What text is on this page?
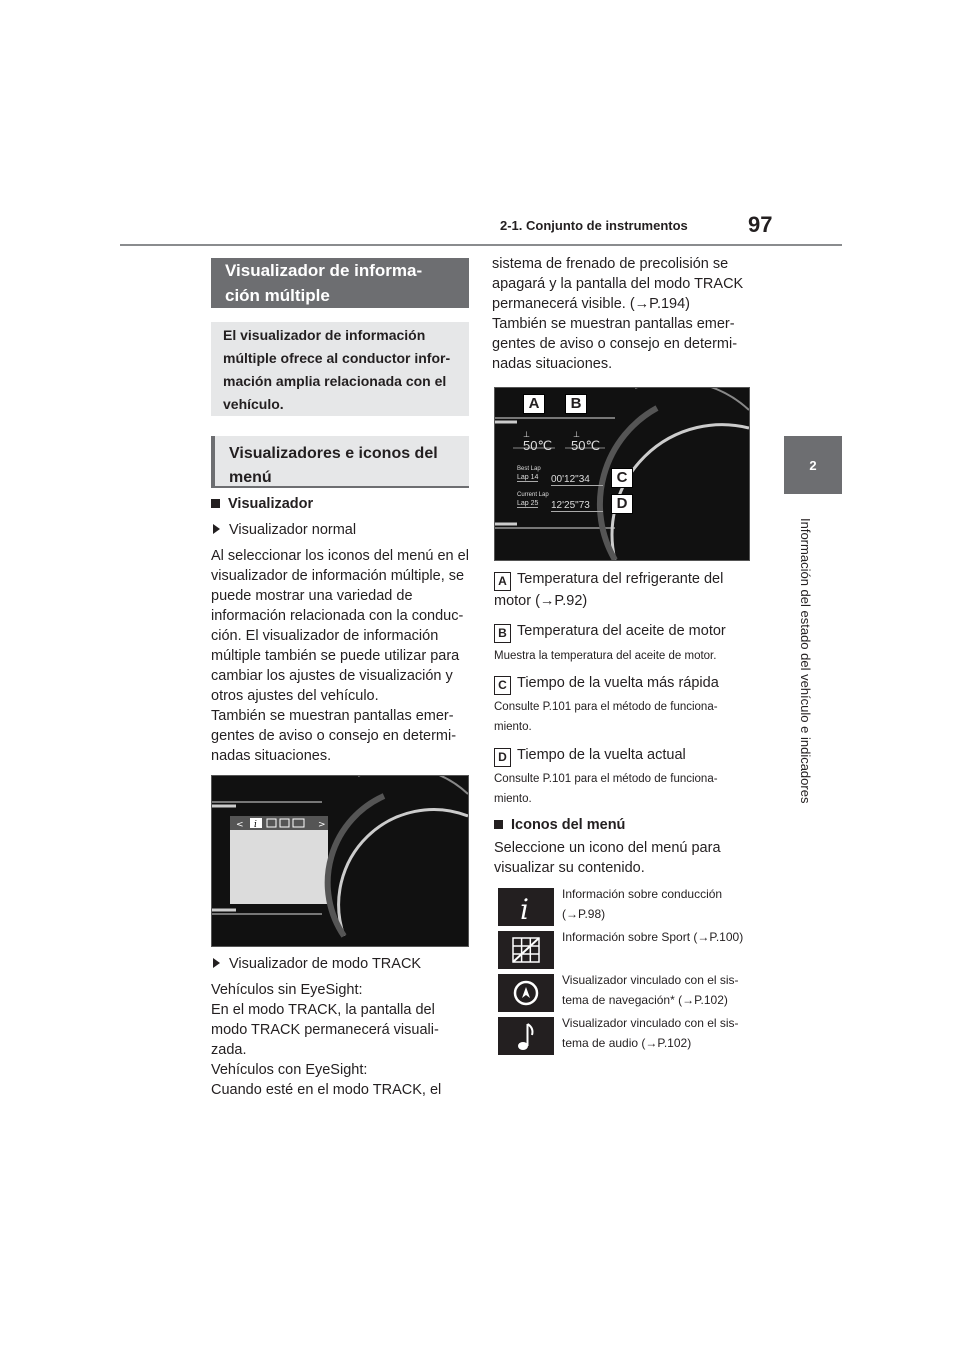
2-1. Conjunto de instrumentos	97
2
Información del estado del vehículo e indicadores
Visualizador de informa-
ción múltiple
El visualizador de información múltiple ofrece al conductor infor-mación amplia relacionada con el vehículo.
Visualizadores e iconos del menú
Visualizador
Visualizador normal
Al seleccionar los iconos del menú en el visualizador de información múltiple, se puede mostrar una variedad de información relacionada con la conduc-ción. El visualizador de información múltiple también se puede utilizar para cambiar los ajustes de visualización y otros ajustes del vehículo.
También se muestran pantallas emer-gentes de aviso o consejo en determi-nadas situaciones.
< i	>
Visualizador de modo TRACK
Vehículos sin EyeSight:
En el modo TRACK, la pantalla del modo TRACK permanecerá visuali-zada.
Vehículos con EyeSight:
Cuando esté en el modo TRACK, el
sistema de frenado de precolisión se apagará y la pantalla del modo TRACK permanecerá visible. (→P.194)
También se muestran pantallas emer-gentes de aviso o consejo en determi-nadas situaciones.
⊥	⊥
50℃ 50℃
Best Lap
Lap 14 00'12"34
Current Lap
Lap 25 12'25"73
A	B
C
D
A Temperatura del refrigerante del motor (→P.92)
B Temperatura del aceite de motor
Muestra la temperatura del aceite de motor.
C Tiempo de la vuelta más rápida
Consulte P.101 para el método de funciona-miento.
D Tiempo de la vuelta actual
Consulte P.101 para el método de funciona-miento.
Iconos del menú
Seleccione un icono del menú para visualizar su contenido.
i	Información sobre conducción (→P.98)
Información sobre Sport (→P.100)
Visualizador vinculado con el sis-tema de navegación* (→P.102)
Visualizador vinculado con el sis-tema de audio (→P.102)
